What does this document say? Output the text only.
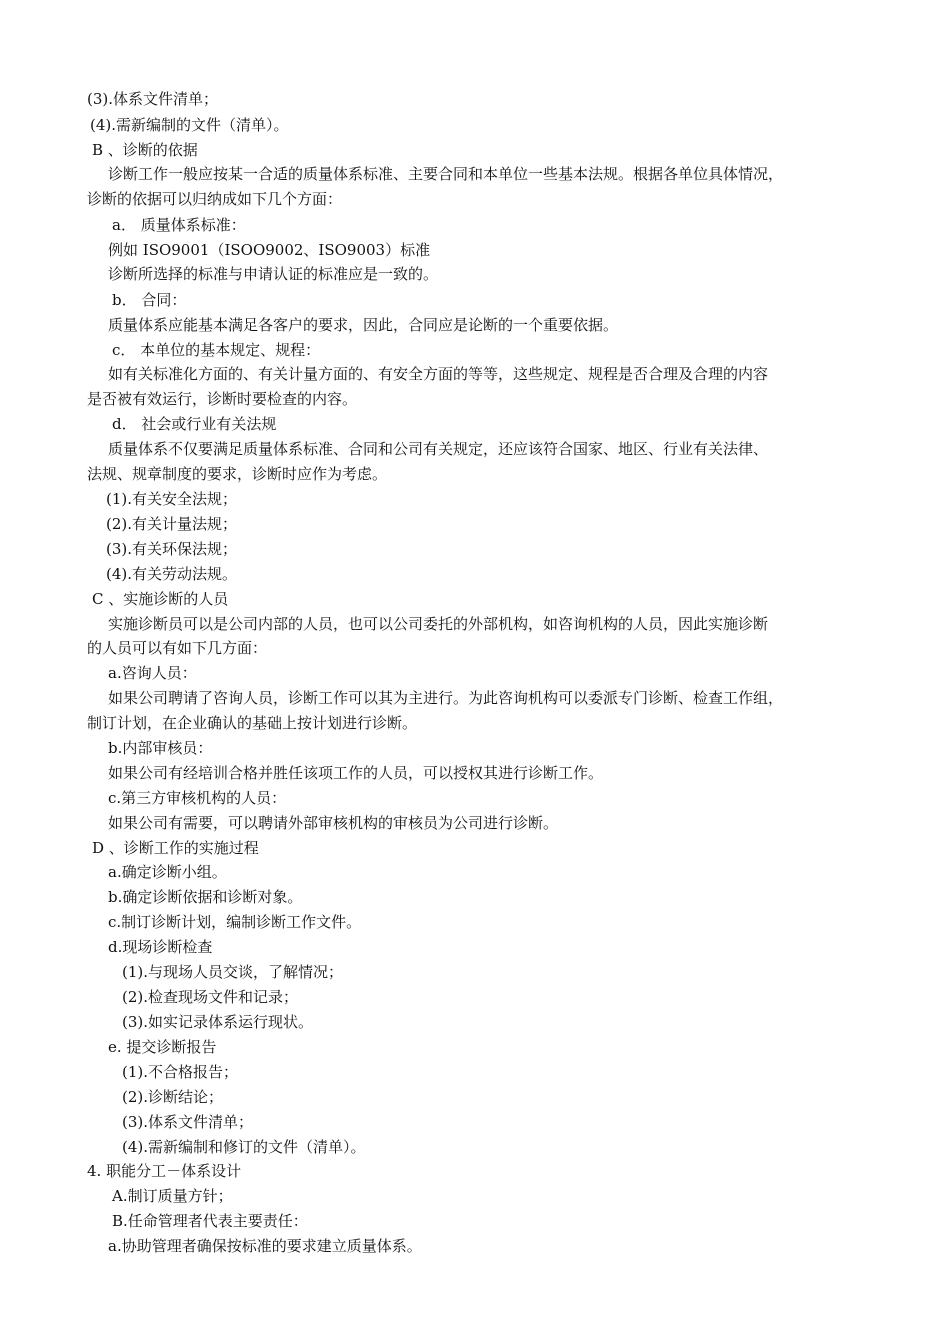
(3).体系文件清单；
(4).需新编制的文件（清单）。
B 、诊断的依据
诊断工作一般应按某一合适的质量体系标准、主要合同和本单位一些基本法规。根据各单位具体情况，
诊断的依据可以归纳成如下几个方面：
a． 质量体系标准：
例如 ISO9001（ISOO9002、ISO9003）标准
诊断所选择的标准与申请认证的标准应是一致的。
b． 合同：
质量体系应能基本满足各客户的要求，因此，合同应是论断的一个重要依据。
c． 本单位的基本规定、规程：
如有关标准化方面的、有关计量方面的、有安全方面的等等，这些规定、规程是否合理及合理的内容
是否被有效运行，诊断时要检查的内容。
d． 社会或行业有关法规
质量体系不仅要满足质量体系标准、合同和公司有关规定，还应该符合国家、地区、行业有关法律、
法规、规章制度的要求，诊断时应作为考虑。
(1).有关安全法规；
(2).有关计量法规；
(3).有关环保法规；
(4).有关劳动法规。
C 、实施诊断的人员
实施诊断员可以是公司内部的人员，也可以公司委托的外部机构，如咨询机构的人员，因此实施诊断
的人员可以有如下几方面：
a.咨询人员：
如果公司聘请了咨询人员，诊断工作可以其为主进行。为此咨询机构可以委派专门诊断、检查工作组，
制订计划，在企业确认的基础上按计划进行诊断。
b.内部审核员：
如果公司有经培训合格并胜任该项工作的人员，可以授权其进行诊断工作。
c.第三方审核机构的人员：
如果公司有需要，可以聘请外部审核机构的审核员为公司进行诊断。
D 、诊断工作的实施过程
a.确定诊断小组。
b.确定诊断依据和诊断对象。
c.制订诊断计划，编制诊断工作文件。
d.现场诊断检查
(1).与现场人员交谈，了解情况；
(2).检查现场文件和记录；
(3).如实记录体系运行现状。
e. 提交诊断报告
(1).不合格报告；
(2).诊断结论；
(3).体系文件清单；
(4).需新编制和修订的文件（清单）。
4. 职能分工－体系设计
A.制订质量方针；
B.任命管理者代表主要责任：
a.协助管理者确保按标准的要求建立质量体系。
